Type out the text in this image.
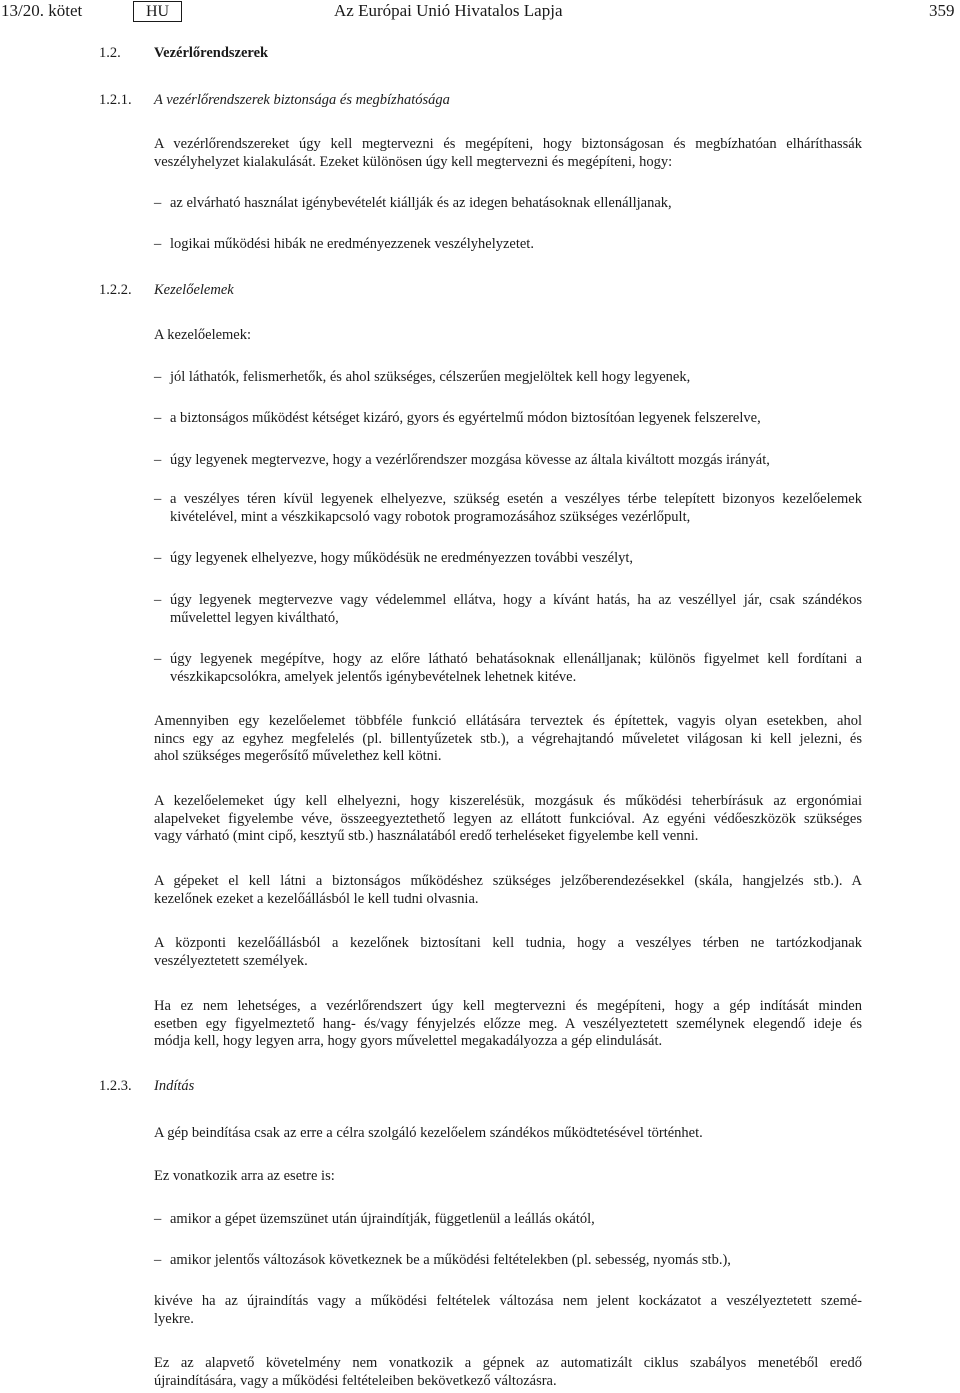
13/20. kötet	HU	Az Európai Unió Hivatalos Lapja	359
1.2. Vezérlőrendszerek
1.2.1. A vezérlőrendszerek biztonsága és megbízhatósága
A vezérlőrendszereket úgy kell megtervezni és megépíteni, hogy biztonságosan és megbízhatóan elháríthassák
veszélyhelyzet kialakulását. Ezeket különösen úgy kell megtervezni és megépíteni, hogy:
– az elvárható használat igénybevételét kiállják és az idegen behatásoknak ellenálljanak,
– logikai működési hibák ne eredményezzenek veszélyhelyzetet.
1.2.2. Kezelőelemek
A kezelőelemek:
– jól láthatók, felismerhetők, és ahol szükséges, célszerűen megjelöltek kell hogy legyenek,
– a biztonságos működést kétséget kizáró, gyors és egyértelmű módon biztosítóan legyenek felszerelve,
– úgy legyenek megtervezve, hogy a vezérlőrendszer mozgása kövesse az általa kiváltott mozgás irányát,
– a veszélyes téren kívül legyenek elhelyezve, szükség esetén a veszélyes térbe telepített bizonyos kezelőelemek
kivételével, mint a vészkikapcsoló vagy robotok programozásához szükséges vezérlőpult,
– úgy legyenek elhelyezve, hogy működésük ne eredményezzen további veszélyt,
– úgy legyenek megtervezve vagy védelemmel ellátva, hogy a kívánt hatás, ha az veszéllyel jár, csak szándékos
művelettel legyen kiváltható,
– úgy legyenek megépítve, hogy az előre látható behatásoknak ellenálljanak; különös figyelmet kell fordítani a
vészkikapcsolókra, amelyek jelentős igénybevételnek lehetnek kitéve.
Amennyiben egy kezelőelemet többféle funkció ellátására terveztek és építettek, vagyis olyan esetekben, ahol
nincs egy az egyhez megfelelés (pl. billentyűzetek stb.), a végrehajtandó műveletet világosan ki kell jelezni, és
ahol szükséges megerősítő művelethez kell kötni.
A kezelőelemeket úgy kell elhelyezni, hogy kiszerelésük, mozgásuk és működési teherbírásuk az ergonómiai
alapelveket figyelembe véve, összeegyeztethető legyen az ellátott funkcióval. Az egyéni védőeszközök szükséges
vagy várható (mint cipő, kesztyű stb.) használatából eredő terheléseket figyelembe kell venni.
A gépeket el kell látni a biztonságos működéshez szükséges jelzőberendezésekkel (skála, hangjelzés stb.). A
kezelőnek ezeket a kezelőállásból le kell tudni olvasnia.
A központi kezelőállásból a kezelőnek biztosítani kell tudnia, hogy a veszélyes térben ne tartózkodjanak
veszélyeztetett személyek.
Ha ez nem lehetséges, a vezérlőrendszert úgy kell megtervezni és megépíteni, hogy a gép indítását minden
esetben egy figyelmeztető hang- és/vagy fényjelzés előzze meg. A veszélyeztetett személynek elegendő ideje és
módja kell, hogy legyen arra, hogy gyors művelettel megakadályozza a gép elindulását.
1.2.3. Indítás
A gép beindítása csak az erre a célra szolgáló kezelőelem szándékos működtetésével történhet.
Ez vonatkozik arra az esetre is:
– amikor a gépet üzemszünet után újraindítják, függetlenül a leállás okától,
– amikor jelentős változások következnek be a működési feltételekben (pl. sebesség, nyomás stb.),
kivéve ha az újraindítás vagy a működési feltételek változása nem jelent kockázatot a veszélyeztetett szemé-
lyekre.
Ez az alapvető követelmény nem vonatkozik a gépnek az automatizált ciklus szabályos menetéből eredő
újraindítására, vagy a működési feltételeiben bekövetkező változásra.
